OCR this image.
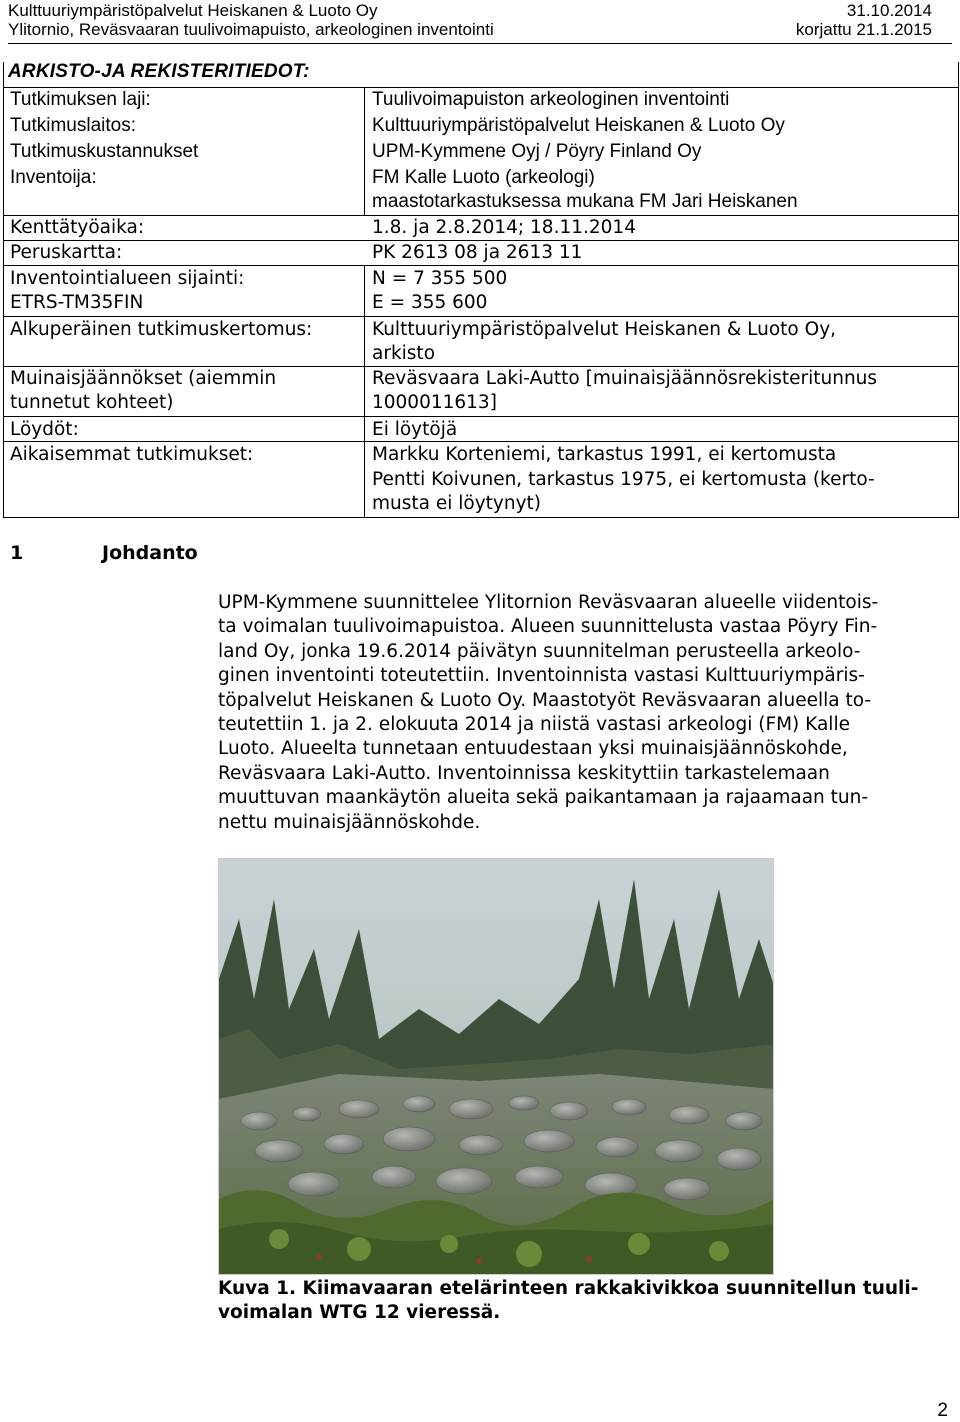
Kulttuuriympäristöpalvelut Heiskanen & Luoto Oy	31.10.2014
Ylitornio, Reväsvaaran tuulivoimapuisto, arkeologinen inventointi	korjattu 21.1.2015
ARKISTO-JA REKISTERITIEDOT:
Tutkimuksen laji:	Tuulivoimapuiston arkeologinen inventointi
Tutkimuslaitos:	Kulttuuriympäristöpalvelut Heiskanen & Luoto Oy
Tutkimuskustannukset	UPM-Kymmene Oyj / Pöyry Finland Oy
Inventoija:	FM Kalle Luoto (arkeologi)
maastotarkastuksessa mukana FM Jari Heiskanen
Kenttätyöaika:	1.8. ja 2.8.2014; 18.11.2014
Peruskartta:	PK 2613 08 ja 2613 11
Inventointialueen sijainti:	N = 7 355 500
ETRS-TM35FIN	E = 355 600
Alkuperäinen tutkimuskertomus:	Kulttuuriympäristöpalvelut Heiskanen & Luoto Oy,
arkisto
Muinaisjäännökset (aiemmin	Reväsvaara Laki-Autto [muinaisjäännösrekisteritunnus
tunnetut kohteet)	1000011613]
Löydöt:	Ei löytöjä
Aikaisemmat tutkimukset:	Markku Korteniemi, tarkastus 1991, ei kertomusta
Pentti Koivunen, tarkastus 1975, ei kertomusta (kerto-
musta ei löytynyt)
1	Johdanto
UPM-Kymmene suunnittelee Ylitornion Reväsvaaran alueelle viidentois-
ta voimalan tuulivoimapuistoa. Alueen suunnittelusta vastaa Pöyry Fin-
land Oy, jonka 19.6.2014 päivätyn suunnitelman perusteella arkeolo-
ginen inventointi toteutettiin. Inventoinnista vastasi Kulttuuriympäris-
töpalvelut Heiskanen & Luoto Oy. Maastotyöt Reväsvaaran alueella to-
teutettiin 1. ja 2. elokuuta 2014 ja niistä vastasi arkeologi (FM) Kalle
Luoto. Alueelta tunnetaan entuudestaan yksi muinaisjäännöskohde,
Reväsvaara Laki-Autto. Inventoinnissa keskityttiin tarkastelemaan
muuttuvan maankäytön alueita sekä paikantamaan ja rajaamaan tun-
nettu muinaisjäännöskohde.
Kuva 1. Kiimavaaran etelärinteen rakkakivikkoa suunnitellun tuuli-
voimalan WTG 12 vieressä.
2
